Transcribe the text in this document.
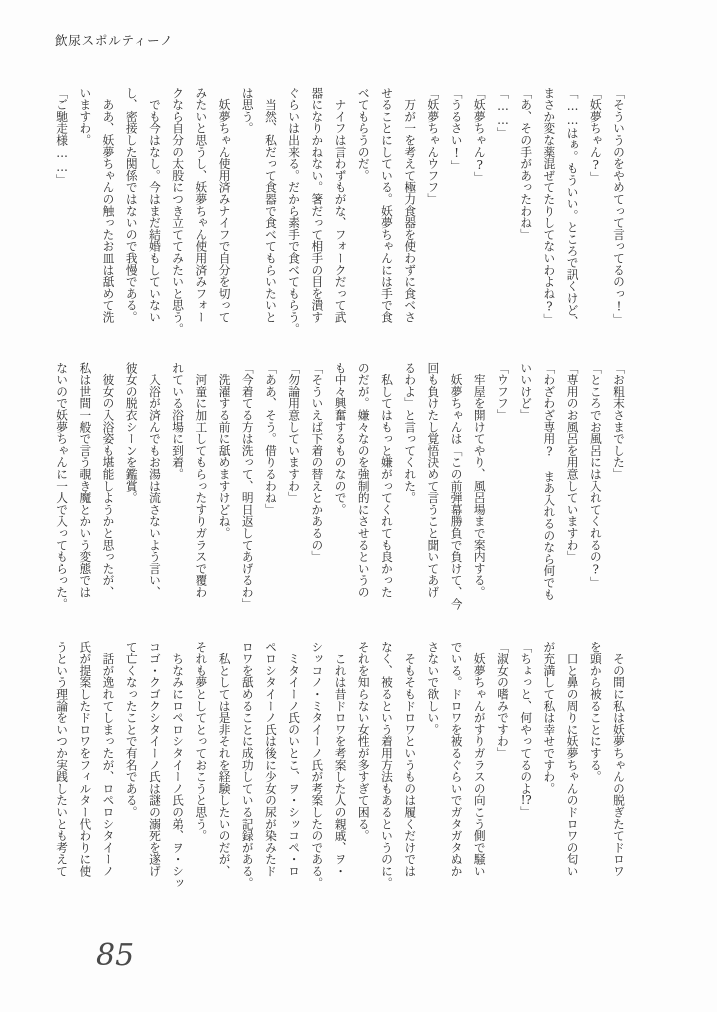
飲尿スポルティーノ
「そういうのをやめてって言ってるのっ!」
「妖夢ちゃん?」
「……はぁ。もういい。ところで訊くけど、
まさか変な薬混ぜてたりしてないわよね?」
「あ、その手があったわね」
「……」
「妖夢ちゃん?」
「うるさい!」
「妖夢ちゃんウフフ」
　万が一を考えて極力食器を使わずに食べさ
せることにしている。妖夢ちゃんには手で食
べてもらうのだ。
　ナイフは言わずもがな、フォークだって武
器になりかねない。箸だって相手の目を潰す
ぐらいは出来る。だから素手で食べてもらう。
　当然、私だって食器で食べてもらいたいと
は思う。
　妖夢ちゃん使用済みナイフで自分を切って
みたいと思うし、妖夢ちゃん使用済みフォー
クなら自分の太股につき立ててみたいと思う。
　でも今はなし。今はまだ結婚もしていない
し、密接した関係ではないので我慢である。
　ああ、妖夢ちゃんの触ったお皿は舐めて洗
いますわ。
「ご馳走様……」
「お粗末さまでした」
「ところでお風呂には入れてくれるの?」
「専用のお風呂を用意していますわ」
「わざわざ専用?　まあ入れるのなら何でも
いいけど」
「ウフフ」
　牢屋を開けてやり、風呂場まで案内する。
　妖夢ちゃんは「この前弾幕勝負で負けて、今
回も負けたし覚悟決めて言うこと聞いてあげ
るわよ」と言ってくれた。
　私してはもっと嫌がってくれても良かった
のだが。嫌々なのを強制的にさせるというの
も中々興奮するものなので。
「そういえば下着の替えとかあるの」
「勿論用意していますわ」
「ああ、そう。借りるわね」
「今着てる方は洗って、明日返してあげるわ」
　洗濯する前に舐めますけどね。
　河童に加工してもらったすりガラスで覆わ
れている浴場に到着。
　入浴が済んでもお湯は流さないよう言い、
彼女の脱衣シーンを鑑賞。
　彼女の入浴姿も堪能しようかと思ったが、
私は世間一般で言う覗き魔とかいう変態では
ないので妖夢ちゃんに一人で入ってもらった。
　その間に私は妖夢ちゃんの脱ぎたてドロワ
を頭から被ることにする。
　口と鼻の周りに妖夢ちゃんのドロワの匂い
が充満して私は幸せですわ。
「ちょっと、何やってるのよ!?」
「淑女の嗜みですわ」
　妖夢ちゃんがすりガラスの向こう側で騒い
でいる。ドロワを被るぐらいでガタガタぬか
さないで欲しい。
　そもそもドロワというものは履くだけでは
なく、被るという着用方法もあるというのに。
それを知らない女性が多すぎて困る。
　これは昔ドロワを考案した人の親戚、ヲ・
シッコノ・ミタイーノ氏が考案したのである。
　ミタイーノ氏のいとこ、ヲ・シッコペ・ロ
ペロシタイーノ氏は後に少女の尿が染みたド
ロワを舐めることに成功している記録がある。
　私としては是非それを経験したいのだが、
それも夢としてとっておこうと思う。
　ちなみにロペロシタイーノ氏の弟、ヲ・シッ
コゴ・クゴクシタイーノ氏は謎の溺死を遂げ
て亡くなったことで有名である。
　話が逸れてしまったが、ロペロシタイーノ
氏が提案したドロワをフィルター代わりに使
うという理論をいつか実践したいとも考えて
85
